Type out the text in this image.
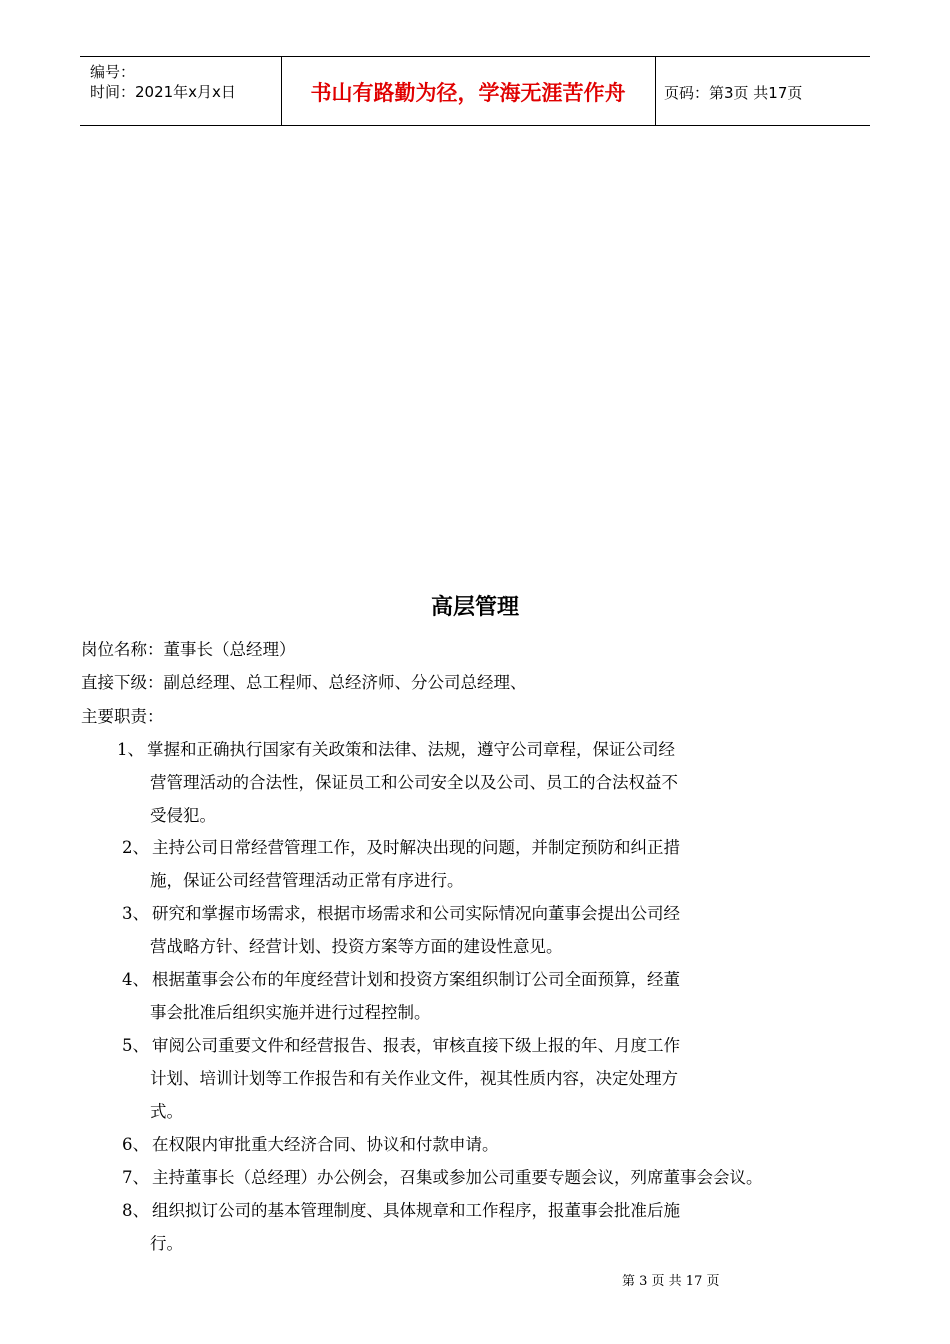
编号：
时间：2021年x月x日	书山有路勤为径，学海无涯苦作舟	页码：第3页 共17页
高层管理
岗位名称：董事长（总经理）
直接下级：副总经理、总工程师、总经济师、分公司总经理、
主要职责：
1、 掌握和正确执行国家有关政策和法律、法规，遵守公司章程，保证公司经
营管理活动的合法性，保证员工和公司安全以及公司、员工的合法权益不
受侵犯。
2、 主持公司日常经营管理工作，及时解决出现的问题，并制定预防和纠正措
施，保证公司经营管理活动正常有序进行。
3、 研究和掌握市场需求，根据市场需求和公司实际情况向董事会提出公司经
营战略方针、经营计划、投资方案等方面的建设性意见。
4、 根据董事会公布的年度经营计划和投资方案组织制订公司全面预算，经董
事会批准后组织实施并进行过程控制。
5、 审阅公司重要文件和经营报告、报表，审核直接下级上报的年、月度工作
计划、培训计划等工作报告和有关作业文件，视其性质内容，决定处理方
式。
6、 在权限内审批重大经济合同、协议和付款申请。
7、 主持董事长（总经理）办公例会，召集或参加公司重要专题会议，列席董事会会议。
8、 组织拟订公司的基本管理制度、具体规章和工作程序，报董事会批准后施
行。
第 3 页 共 17 页
